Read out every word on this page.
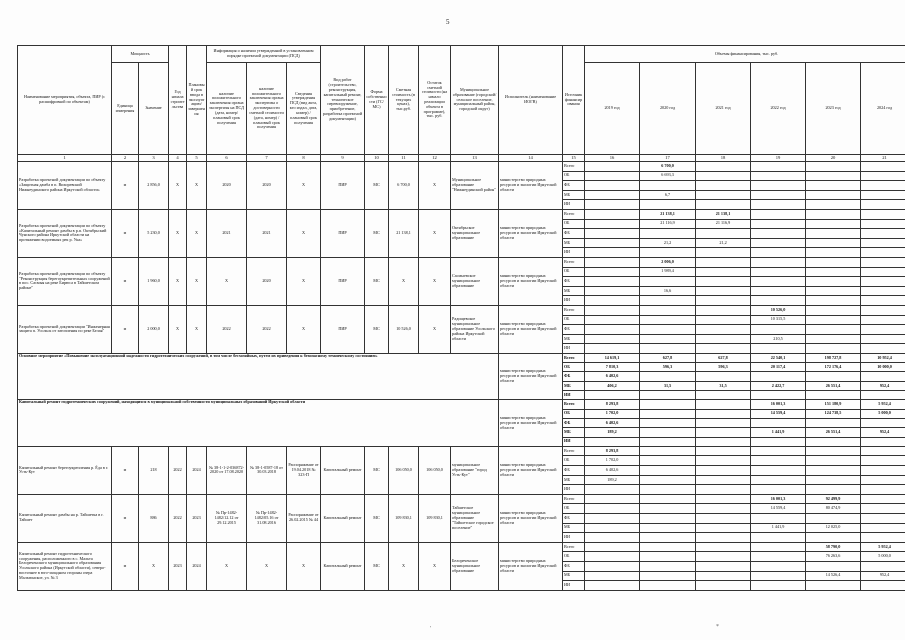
5
Наименование мероприятия, объекта, ПИР (с расшифровкой по объектам)	Мощность		Год начала строительства	Плановый срок ввода в эксплуатацию/завершения	Информация о наличии утвержденной в установленном порядке проектной документации (ПСД)			Вид работ (строительство, реконструкция, капитальный ремонт, техническое перевооружение, приобретение, разработка проектной документации)	Форма собственности (ГС/МС)	Сметная стоимость (в текущих ценах), тыс.руб.	Остаток сметной стоимости (на начало реализации объекта в программе), тыс. руб.	Муниципальное образование (городской/сельское поселение, муниципальный район, городской округ)	Исполнитель (наименование ИОГВ)	Источник финансирования	Объемы финансирования, тыс. руб.					
	Единица измерения	Значение			наличие положительного заключения органа экспертизы на ПСД (дата, номер/плановый срок получения	наличие положительного заключения органа экспертизы о достоверности сметной стоимости (дата, номер) / плановый срок получения	Сведения утверждения ПСД (вид акта, кто издал, дата, номер) / плановый срок получения								2019 год	2020 год	2021 год	2022 год	2023 год	2024 год
1	2	3	4	5	6	7	8	9	10	11	12	13	14	15	16	17	18	19	20	21
Разработка проектной документации по объекту «Защитная дамба в п. Вихоревский Нижнеудинского района Иркутской области»	м	2 856,0	Х	Х	2020	2020	Х	ПИР	МС	6 700,0	Х	Муниципальное образование "Нижнеудинский район"	министерство природных ресурсов и экологии Иркутской области	Всего		6 700,0				
														ОБ		6 693,3				
														ФБ						
														МБ		6,7				
														ИИ						
Разработка проектной документации по объекту «Капитальный ремонт дамбы в р.п. Октябрьский Чунского района Иркутской области на протяжении водоемных рек р. Ука»	м	5 230,0	Х	Х	2021	2021	Х	ПИР	МС	21 138,1	Х	Октябрьское муниципальное образование	министерство природных ресурсов и экологии Иркутской области	Всего		21 138,1	21 138,1			
														ОБ		21 116,9	21 116,9			
														ФБ						
														МБ		21,2	21,2			
														ИИ						
Разработка проектной документации по объекту "Реконструкция берегоукрепительных сооружений в пос. Сасмыя на реке Бирюса в Тайшетском районе"	м	1 960,0	Х	Х	Х	2020	Х	ПИР	МС	Х	Х	Сасмыевское муниципальное образование	министерство природных ресурсов и экологии Иркутской области	Всего		2 006,0				
														ОБ		1 989,4				
														ФБ						
														МБ		16,6				
														ИИ						
Разработка проектной документации "Инженерная защита п. Усольск от затопления по реке Белая"	м	2 000,0	Х	Х	2022	2022	Х	ПИР	МС	10 526,0	Х	Радищевское муниципальное образование Усольского района Иркутской области	министерство природных ресурсов и экологии Иркутской области	Всего				10 526,0		
														ОБ				10 315,5		
														ФБ						
														МБ				210,5		
														ИИ						
Основное мероприятие «Повышение эксплуатационной надежности гидротехнических сооружений, в том числе бесхозяйных, путем их приведения к безопасному техническому состоянию»													министерство природных ресурсов и экологии Иркутской области	Всего	14 619,1	627,8	627,8	22 540,1	198 727,8	10 952,4
														ОБ	7 810,3	596,3	596,3	20 117,4	172 176,4	10 000,0
														ФБ	6 402,6					
														МБ	406,2	31,5	31,5	2 422,7	26 551,4	952,4
														ИИ						
Капитальный ремонт гидротехнических сооружений, находящихся в муниципальной собственности муниципальных образований Иркутской области													министерство природных ресурсов и экологии Иркутской области	Всего	8 293,8			16 001,3	151 180,9	5 952,4
														ОБ	1 702,0			14 559,4	124 738,5	5 000,0
														ФБ	6 402,6					
														МБ	189,2			1 441,9	26 551,4	952,4
														ИИ						
Капитальный ремонт берегоукрепления р. Ёда в г. Усть-Кут	м	218	2022	2024	№ 38-1-1-2-036872-2020 от 17.08.2020	№ 38-1-0587-18 от 30.03.2018	Распоряжение от 19.04.2018 № 323-П	Капитальный ремонт	МС	106 050,0	106 050,0	муниципальное образование "город Усть-Кут"	министерство природных ресурсов и экологии Иркутской области	Всего	8 293,8					
														ОБ	1 702,0					
														ФБ	6 402,6					
														МБ	189,2					
														ИИ						
Капитальный ремонт дамбы на р. Тайшетка в г. Тайшет	м	886	2022	2023	№ Пр-1482-1482/12.12 от 29.12.2015	№ Пр-1482-1482/05.16 от 31.08.2016	Распоряжение от 26.02.2015 № 44	Капитальный ремонт	МС	109 830,1	109 830,1	Тайшетское муниципальное образование "Тайшетское городское поселение"	министерство природных ресурсов и экологии Иркутской области	Всего				16 001,3	92 499,9	
														ОБ				14 559,4	80 474,9	
														ФБ						
														МБ				1 441,9	12 025,0	
														ИИ						
Капитальный ремонт гидротехнического сооружения, расположенного в с. Мальта Белореченского муниципального образования Усольского района (Иркутской области), северо-восточнее в юго-западном стороны озера Мальтинское, ул. № 3	м	Х	2023	2024	Х	Х	Х	Капитальный ремонт	МС	Х	Х	Белореченское муниципальное образование	министерство природных ресурсов и экологии Иркутской области	Всего					58 790,0	5 952,4
														ОБ					76 263,6	5 000,0
														ФБ						
														МБ					14 526,4	952,4
														ИИ						
'	*
